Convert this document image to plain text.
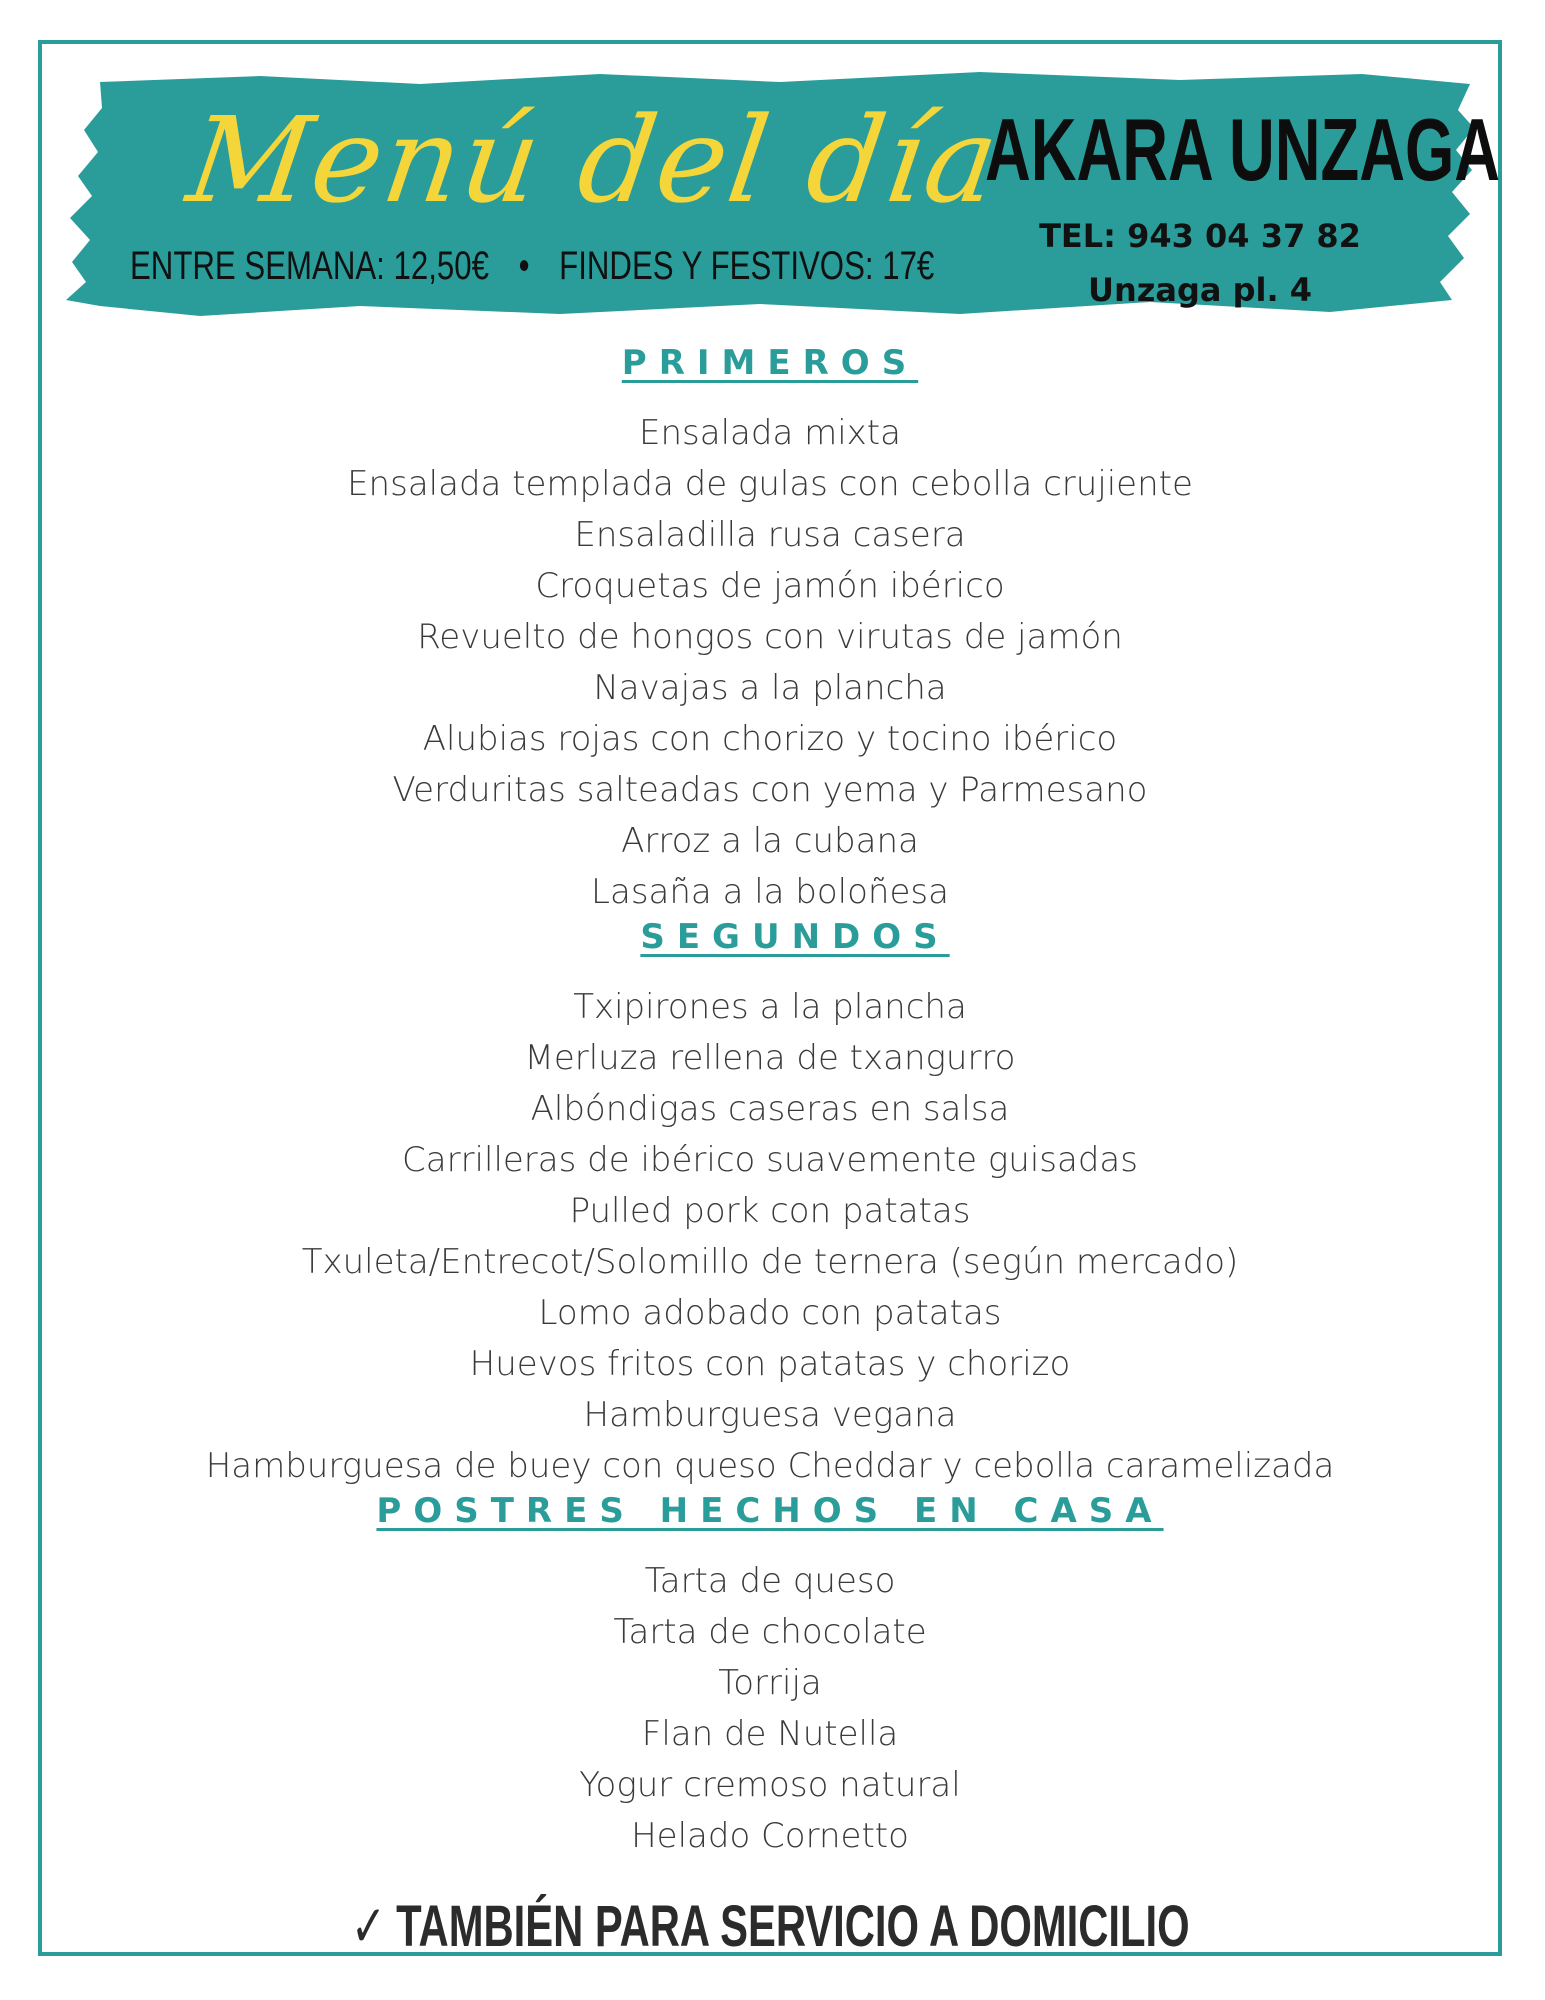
Menú del día
ENTRE SEMANA: 12,50€ • FINDES Y FESTIVOS: 17€
AKARA UNZAGA
TEL: 943 04 37 82
Unzaga pl. 4
PRIMEROS
Ensalada mixta
Ensalada templada de gulas con cebolla crujiente
Ensaladilla rusa casera
Croquetas de jamón ibérico
Revuelto de hongos con virutas de jamón
Navajas a la plancha
Alubias rojas con chorizo y tocino ibérico
Verduritas salteadas con yema y Parmesano
Arroz a la cubana
Lasaña a la boloñesa
SEGUNDOS
Txipirones a la plancha
Merluza rellena de txangurro
Albóndigas caseras en salsa
Carrilleras de ibérico suavemente guisadas
Pulled pork con patatas
Txuleta/Entrecot/Solomillo de ternera (según mercado)
Lomo adobado con patatas
Huevos fritos con patatas y chorizo
Hamburguesa vegana
Hamburguesa de buey con queso Cheddar y cebolla caramelizada
POSTRES HECHOS EN CASA
Tarta de queso
Tarta de chocolate
Torrija
Flan de Nutella
Yogur cremoso natural
Helado Cornetto
✓ TAMBIÉN PARA SERVICIO A DOMICILIO
